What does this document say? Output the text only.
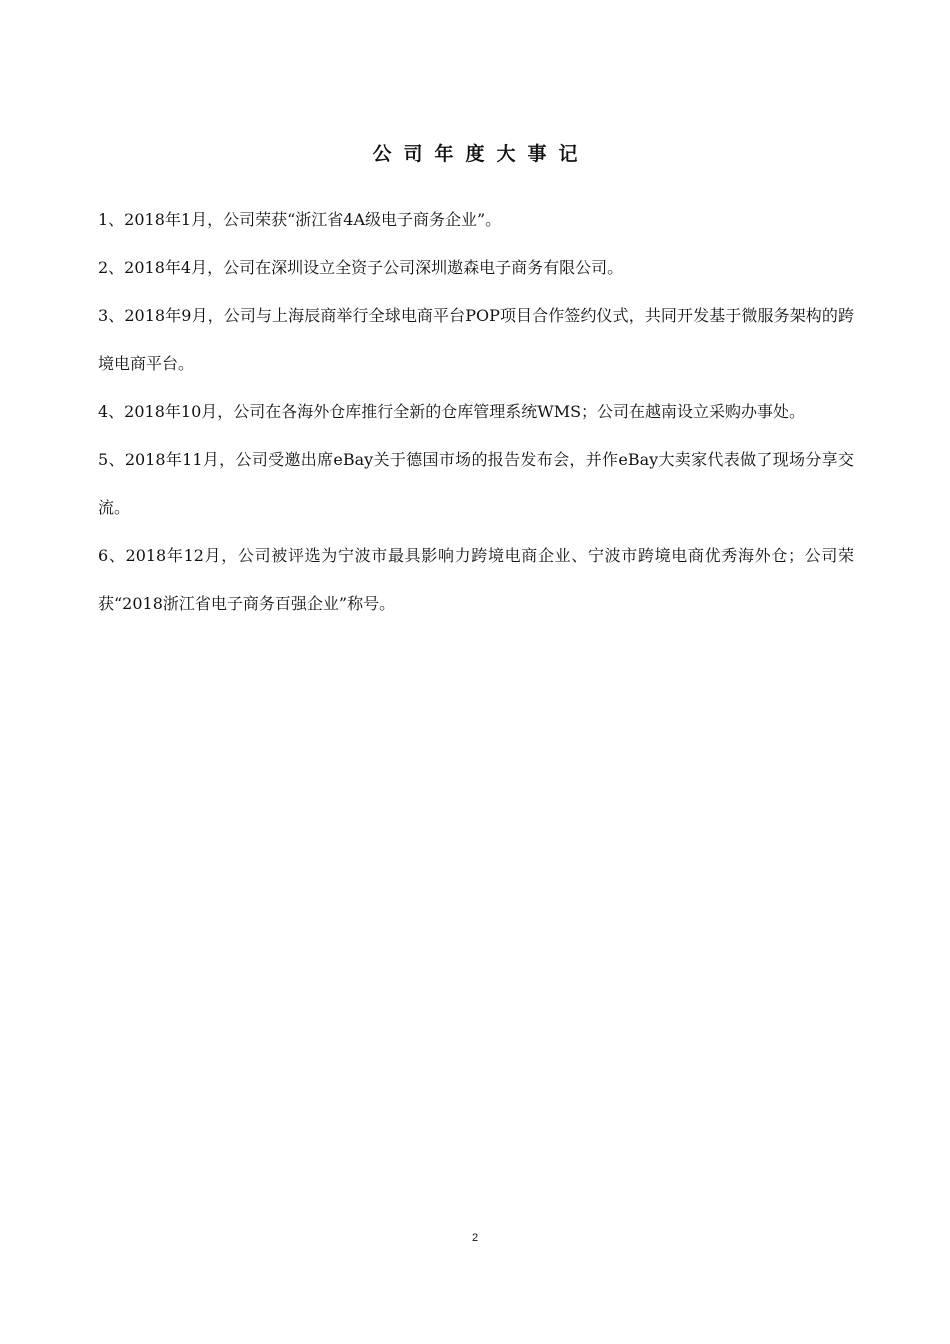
公司年度大事记
1、2018年1月，公司荣获“浙江省4A级电子商务企业”。
2、2018年4月，公司在深圳设立全资子公司深圳遨森电子商务有限公司。
3、2018年9月，公司与上海辰商举行全球电商平台POP项目合作签约仪式，共同开发基于微服务架构的跨境电商平台。
4、2018年10月，公司在各海外仓库推行全新的仓库管理系统WMS；公司在越南设立采购办事处。
5、2018年11月，公司受邀出席eBay关于德国市场的报告发布会，并作eBay大卖家代表做了现场分享交流。
6、2018年12月，公司被评选为宁波市最具影响力跨境电商企业、宁波市跨境电商优秀海外仓；公司荣获“2018浙江省电子商务百强企业”称号。
2
